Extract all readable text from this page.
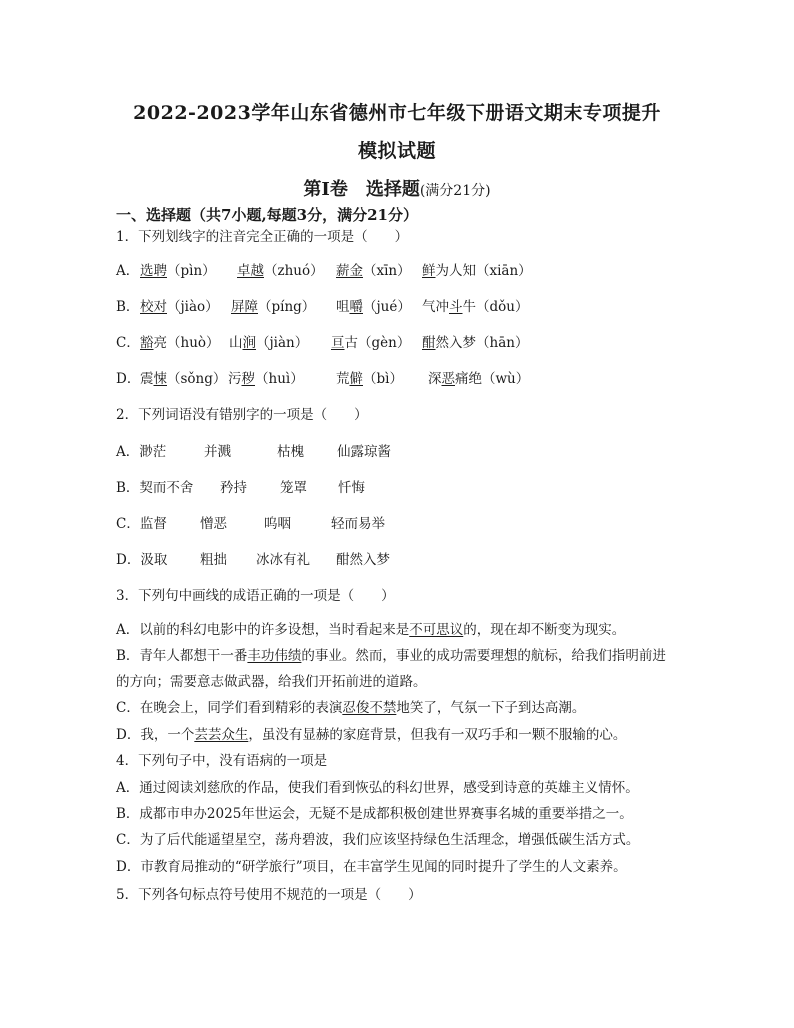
2022-2023学年山东省德州市七年级下册语文期末专项提升
模拟试题
第I卷　选择题(满分21分)
一、选择题（共7小题,每题3分，满分21分）
1．下列划线字的注音完全正确的一项是（　　）
A． 选聘（pìn） 卓越（zhuó） 薪金（xīn） 鲜为人知（xiān）
B． 校对（jiào） 屏障（píng） 咀嚼（jué） 气冲斗牛（dǒu）
C． 豁亮（huò） 山涧（jiàn） 亘古（gèn） 酣然入梦（hān）
D． 震悚（sǒng） 污秽（huì） 荒僻（bì） 深恶痛绝（wù）
2．下列词语没有错别字的一项是（　　）
A．渺茫	并溅	枯槐 仙露琼酱
B．契而不舍 矜持 笼罩 忏悔
C．监督 憎恶	呜咽	轻而易举
D．汲取 粗拙 冰冰有礼 酣然入梦
3．下列句中画线的成语正确的一项是（　　）
A．以前的科幻电影中的许多设想，当时看起来是不可思议的，现在却不断变为现实。
B．青年人都想干一番丰功伟绩的事业。然而，事业的成功需要理想的航标，给我们指明前进
的方向；需要意志做武器，给我们开拓前进的道路。
C．在晚会上，同学们看到精彩的表演忍俊不禁地笑了，气氛一下子到达高潮。
D．我，一个芸芸众生，虽没有显赫的家庭背景，但我有一双巧手和一颗不服输的心。
4．下列句子中，没有语病的一项是
A．通过阅读刘慈欣的作品，使我们看到恢弘的科幻世界，感受到诗意的英雄主义情怀。
B．成都市申办2025年世运会，无疑不是成都积极创建世界赛事名城的重要举措之一。
C．为了后代能遥望星空，荡舟碧波，我们应该坚持绿色生活理念，增强低碳生活方式。
D．市教育局推动的“研学旅行”项目，在丰富学生见闻的同时提升了学生的人文素养。
5．下列各句标点符号使用不规范的一项是（　　）
